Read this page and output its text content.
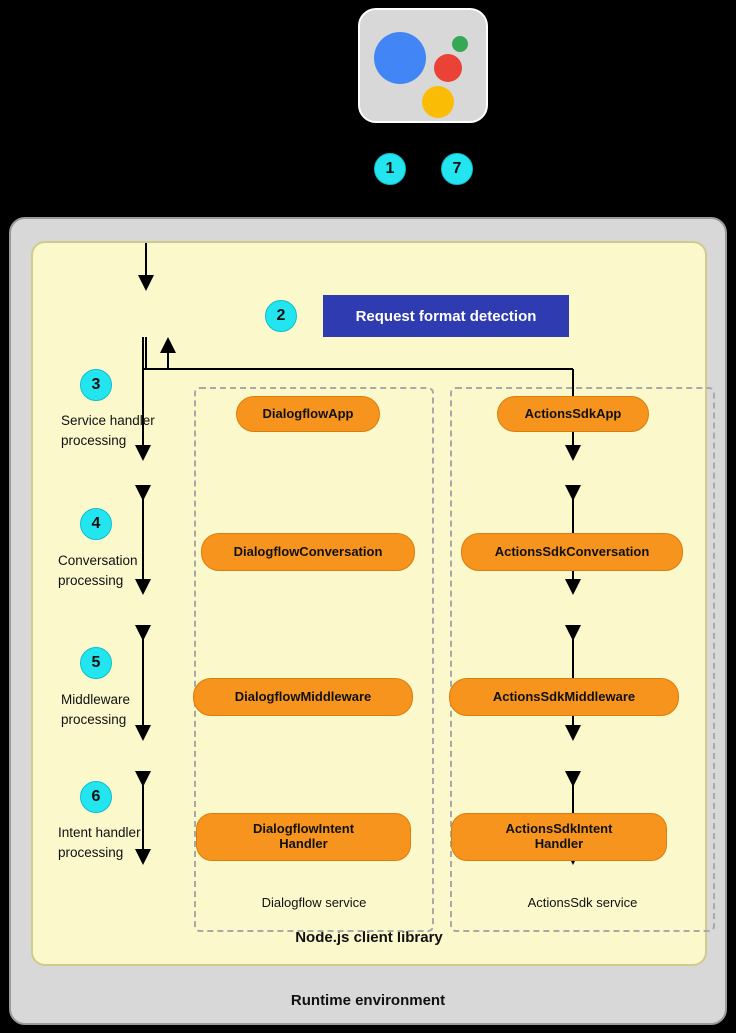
1	7
Runtime environment
Node.js client library
Request format detection
2
3
Service handler processing
4
Conversation processing
5
Middleware processing
6
Intent handler processing
Dialogflow service	ActionsSdk service
DialogflowApp
DialogflowConversation
DialogflowMiddleware
DialogflowIntent
Handler
ActionsSdkApp
ActionsSdkConversation
ActionsSdkMiddleware
ActionsSdkIntent
Handler
